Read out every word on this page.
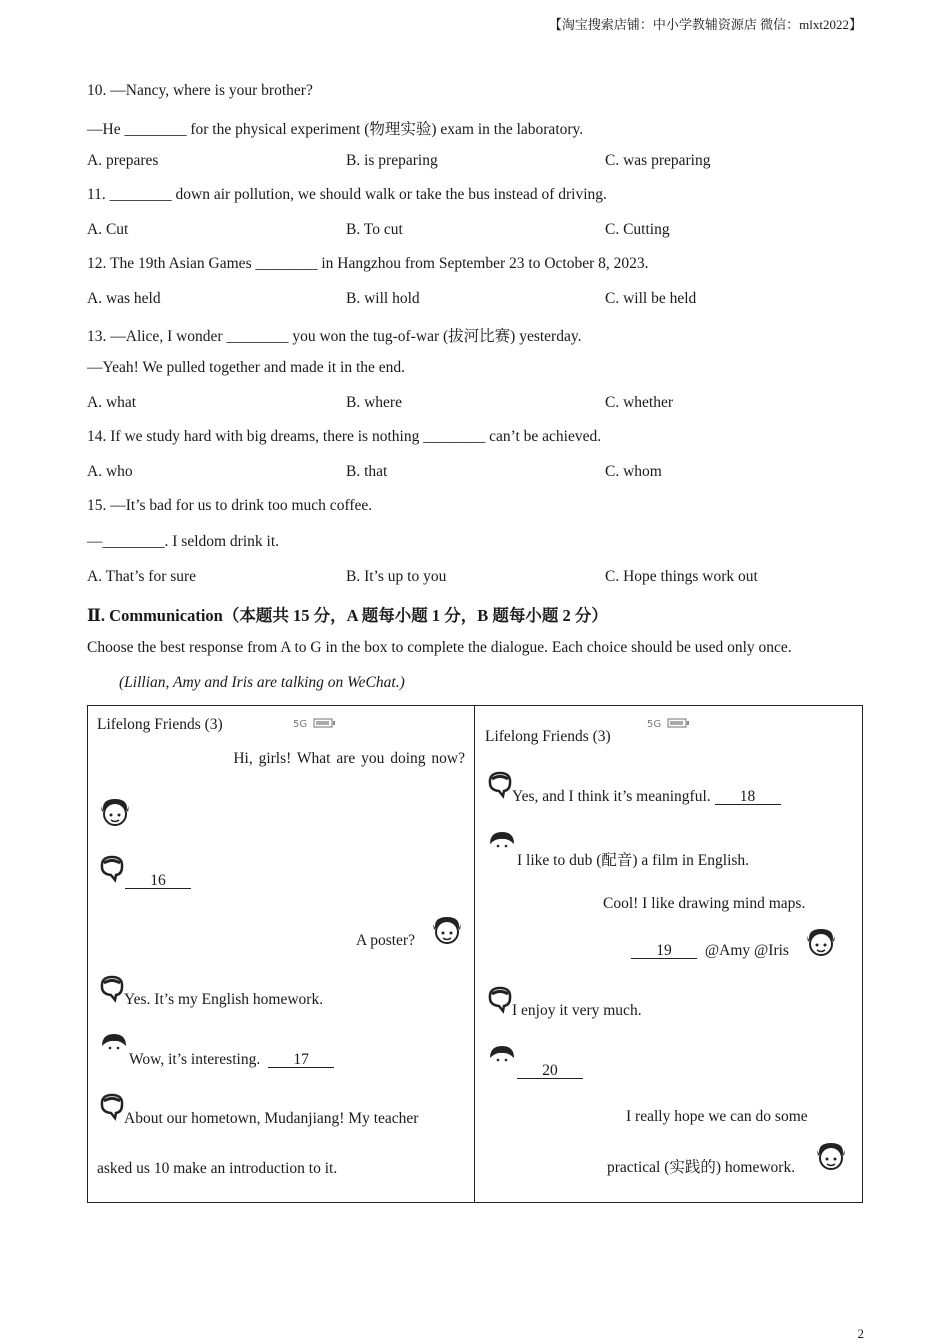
【淘宝搜索店铺：中小学教辅资源店 微信：mlxt2022】
10. —Nancy, where is your brother?
—He ________ for the physical experiment (物理实验) exam in the laboratory.
A. prepares	B. is preparing	C. was preparing
11. ________ down air pollution, we should walk or take the bus instead of driving.
A. Cut	B. To cut	C. Cutting
12. The 19th Asian Games ________ in Hangzhou from September 23 to October 8, 2023.
A. was held	B. will hold	C. will be held
13. —Alice, I wonder ________ you won the tug-of-war (拔河比赛) yesterday.
—Yeah! We pulled together and made it in the end.
A. what	B. where	C. whether
14. If we study hard with big dreams, there is nothing ________ can’t be achieved.
A. who	B. that	C. whom
15. —It’s bad for us to drink too much coffee.
—________. I seldom drink it.
A. That’s for sure	B. It’s up to you	C. Hope things work out
Ⅱ. Communication（本题共 15 分，A 题每小题 1 分，B 题每小题 2 分）
Choose the best response from A to G in the box to complete the dialogue. Each choice should be used only once.
(Lillian, Amy and Iris are talking on WeChat.)
Lifelong Friends (3)	5G
Hi, girls! What are you doing now?
16
A poster?
Yes. It’s my English homework.
Wow, it’s interesting. 17
About our hometown, Mudanjiang! My teacher
asked us 10 make an introduction to it.
Lifelong Friends (3)
5G
Yes, and I think it’s meaningful. 18
I like to dub (配音) a film in English.
Cool! I like drawing mind maps.
19 @Amy @Iris
I enjoy it very much.
20
I really hope we can do some
practical (实践的) homework.
2
